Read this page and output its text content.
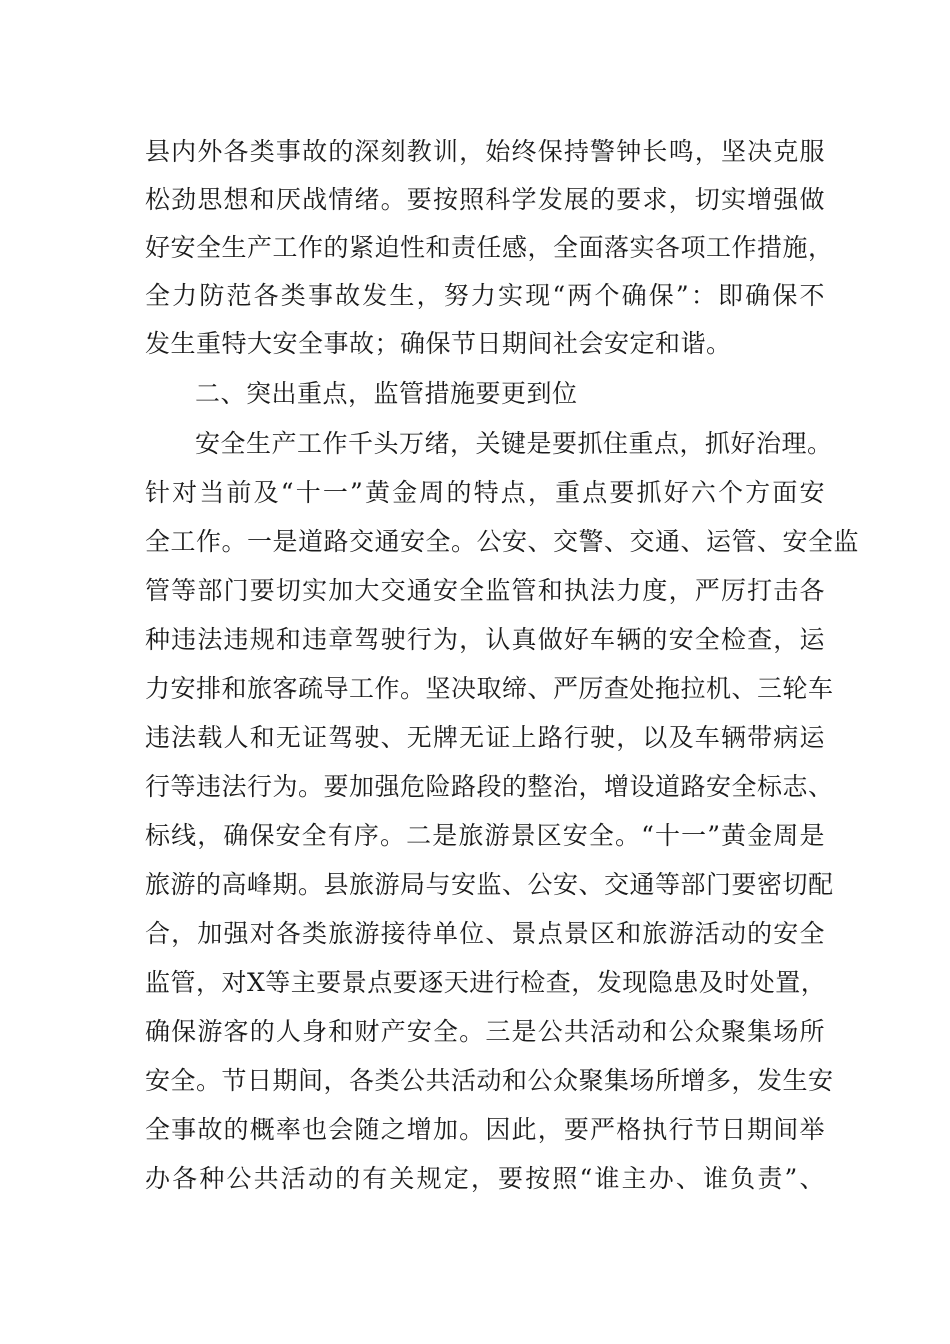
县内外各类事故的深刻教训，始终保持警钟长鸣，坚决克服
松劲思想和厌战情绪。要按照科学发展的要求，切实增强做
好安全生产工作的紧迫性和责任感，全面落实各项工作措施，
全力防范各类事故发生，努力实现“两个确保”：即确保不
发生重特大安全事故；确保节日期间社会安定和谐。
二、突出重点，监管措施要更到位
安全生产工作千头万绪，关键是要抓住重点，抓好治理。
针对当前及“十一”黄金周的特点，重点要抓好六个方面安
全工作。一是道路交通安全。公安、交警、交通、运管、安全监
管等部门要切实加大交通安全监管和执法力度，严厉打击各
种违法违规和违章驾驶行为，认真做好车辆的安全检查，运
力安排和旅客疏导工作。坚决取缔、严厉查处拖拉机、三轮车
违法载人和无证驾驶、无牌无证上路行驶，以及车辆带病运
行等违法行为。要加强危险路段的整治，增设道路安全标志、
标线，确保安全有序。二是旅游景区安全。“十一”黄金周是
旅游的高峰期。县旅游局与安监、公安、交通等部门要密切配
合，加强对各类旅游接待单位、景点景区和旅游活动的安全
监管，对X等主要景点要逐天进行检查，发现隐患及时处置，
确保游客的人身和财产安全。三是公共活动和公众聚集场所
安全。节日期间，各类公共活动和公众聚集场所增多，发生安
全事故的概率也会随之增加。因此，要严格执行节日期间举
办各种公共活动的有关规定，要按照“谁主办、谁负责”、
